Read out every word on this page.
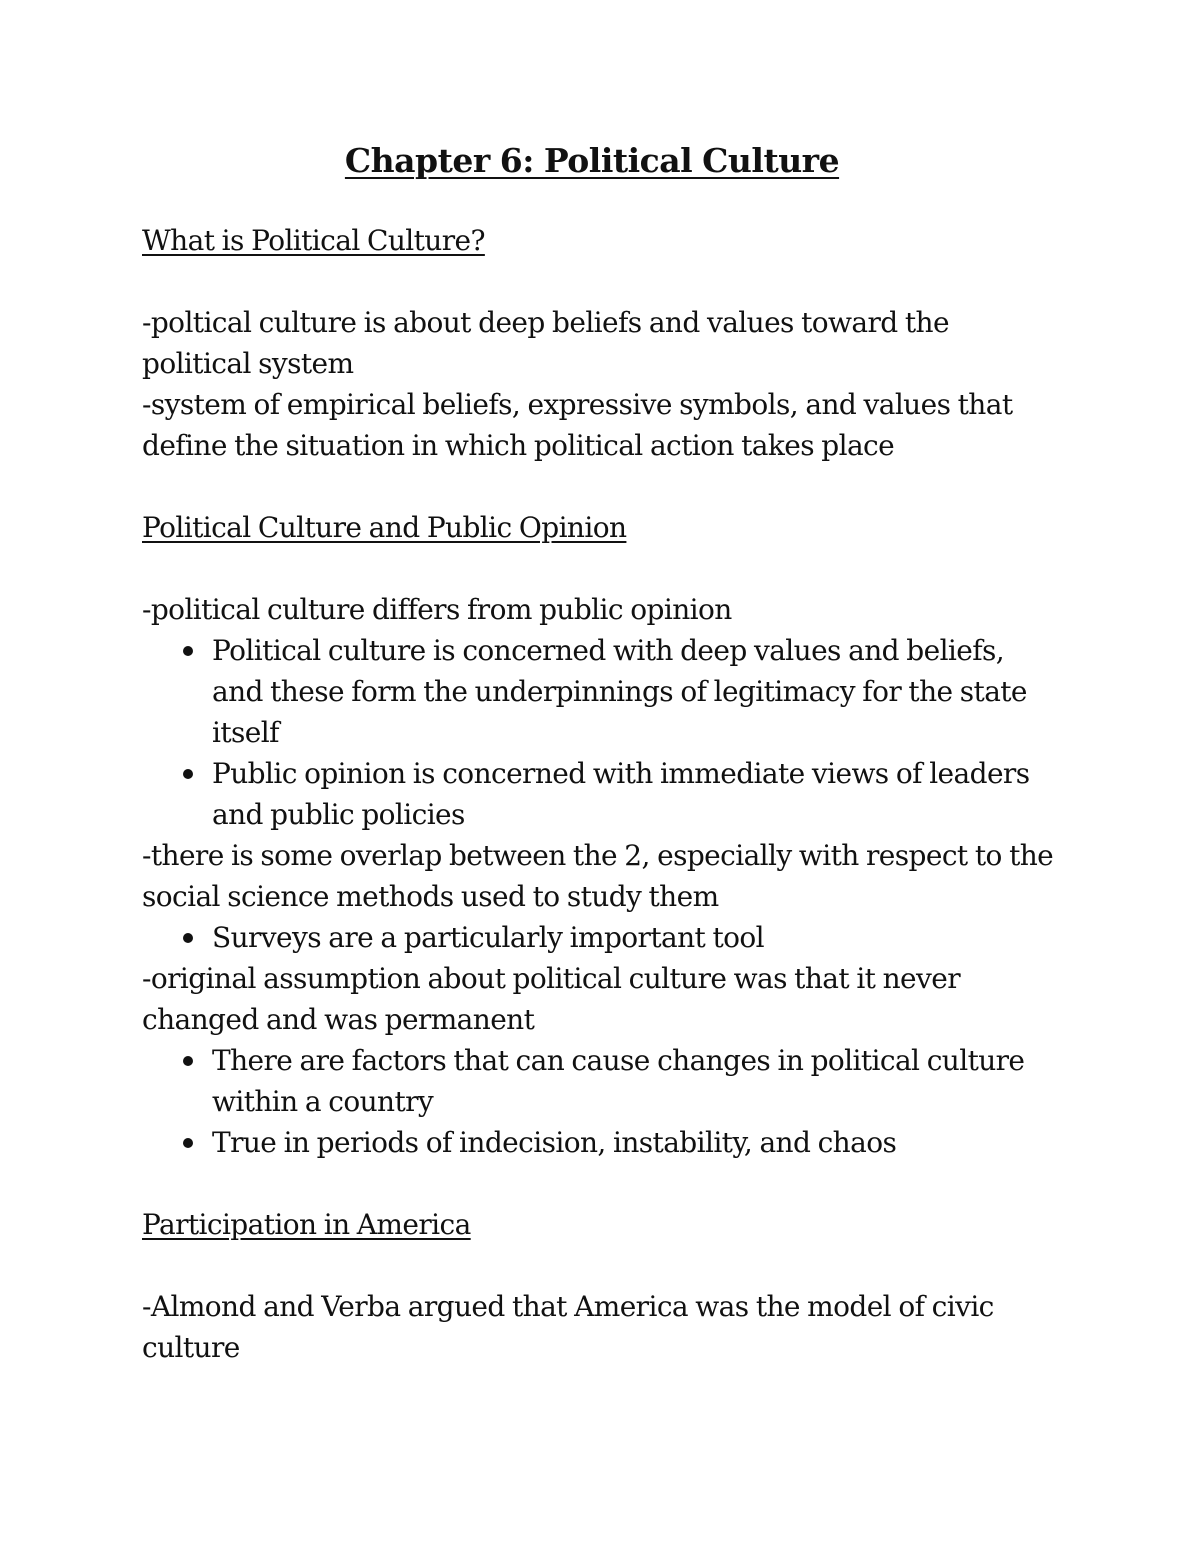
Chapter 6: Political Culture
What is Political Culture?

-poltical culture is about deep beliefs and values toward the political system

-system of empirical beliefs, expressive symbols, and values that define the situation in which political action takes place

Political Culture and Public Opinion

-political culture differs from public opinion

Political culture is concerned with deep values and beliefs, and these form the underpinnings of legitimacy for the state itself
Public opinion is concerned with immediate views of leaders and public policies

-there is some overlap between the 2, especially with respect to the social science methods used to study them

Surveys are a particularly important tool

-original assumption about political culture was that it never changed and was permanent

There are factors that can cause changes in political culture within a country
True in periods of indecision, instability, and chaos
Participation in America

-Almond and Verba argued that America was the model of civic culture
